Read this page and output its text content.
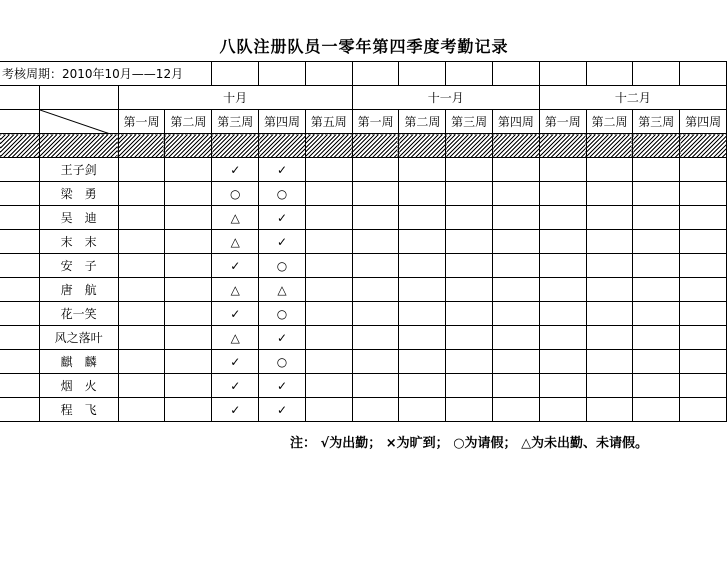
八队注册队员一零年第四季度考勤记录
考核周期：2010年10月——12月														
		十月					十一月				十二月			

	第一周	第二周	第三周	第四周	第五周	第一周	第二周	第三周	第四周	第一周	第二周	第三周	第四周

	王子剑			✓	✓									
	梁　勇			○	○									
	吴　迪			△	✓									
	末　末			△	✓									
	安　子			✓	○									
	唐　航			△	△									
	花一笑			✓	○									
	风之落叶			△	✓									
	麒　麟			✓	○									
	烟　火			✓	✓									
	程　飞			✓	✓									
注： √为出勤； ×为旷到； ○为请假； △为未出勤、未请假。
